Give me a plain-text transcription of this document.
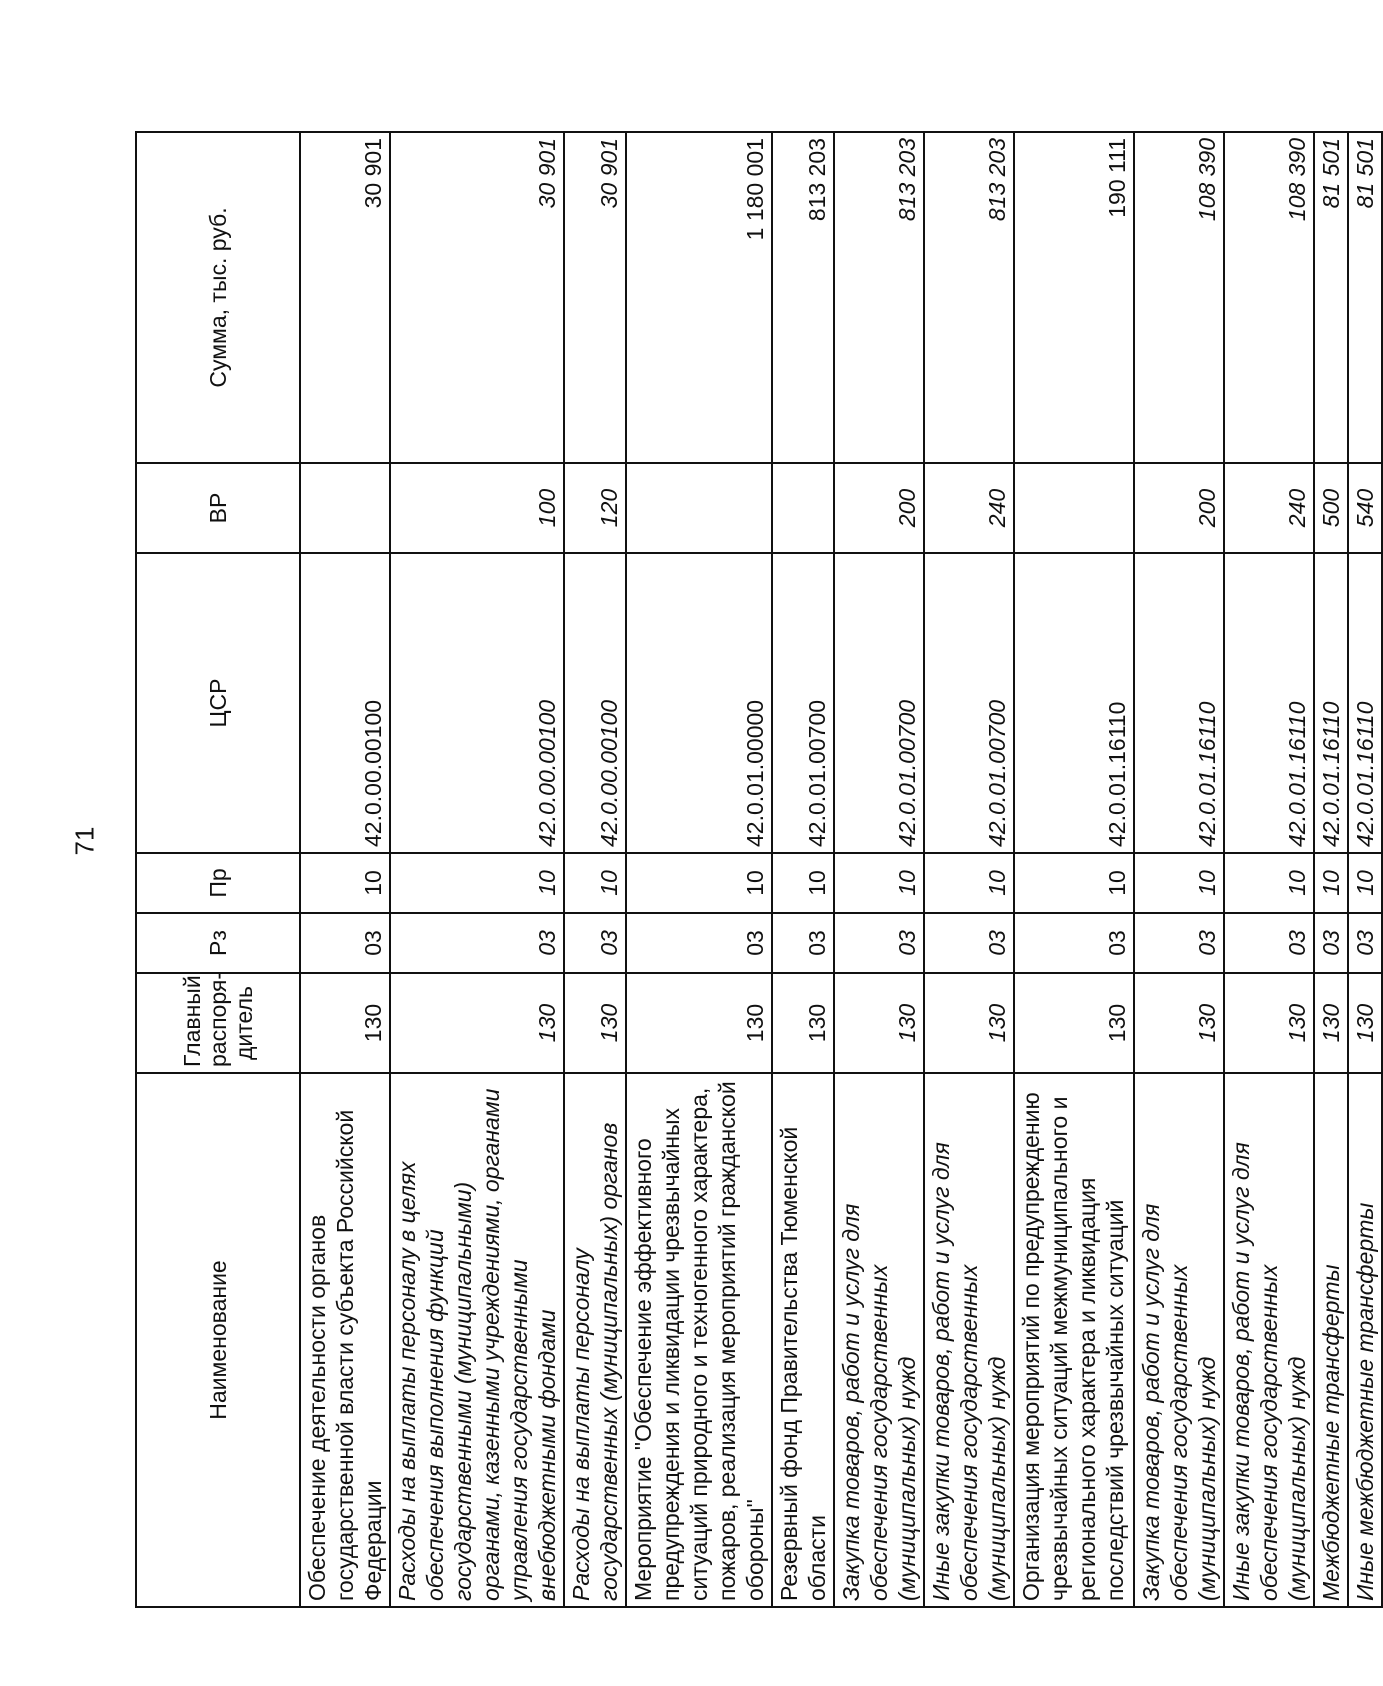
71
Наименование	Главный распоря-дитель	Рз	Пр	ЦСР	ВР	Сумма, тыс. руб.
Обеспечение деятельности органов государственной власти субъекта Российской Федерации	130	03	10	42.0.00.00100		30 901
Расходы на выплаты персоналу в целях обеспечения выполнения функций государственными (муниципальными) органами, казенными учреждениями, органами управления государственными внебюджетными фондами	130	03	10	42.0.00.00100	100	30 901
Расходы на выплаты персоналу государственных (муниципальных) органов	130	03	10	42.0.00.00100	120	30 901
Мероприятие "Обеспечение эффективного предупреждения и ликвидации чрезвычайных ситуаций природного и техногенного характера, пожаров, реализация мероприятий гражданской обороны"	130	03	10	42.0.01.00000		1 180 001
Резервный фонд Правительства Тюменской области	130	03	10	42.0.01.00700		813 203
Закупка товаров, работ и услуг для обеспечения государственных (муниципальных) нужд	130	03	10	42.0.01.00700	200	813 203
Иные закупки товаров, работ и услуг для обеспечения государственных (муниципальных) нужд	130	03	10	42.0.01.00700	240	813 203
Организация мероприятий по предупреждению чрезвычайных ситуаций межмуниципального и регионального характера и ликвидация последствий чрезвычайных ситуаций	130	03	10	42.0.01.16110		190 111
Закупка товаров, работ и услуг для обеспечения государственных (муниципальных) нужд	130	03	10	42.0.01.16110	200	108 390
Иные закупки товаров, работ и услуг для обеспечения государственных (муниципальных) нужд	130	03	10	42.0.01.16110	240	108 390
Межбюджетные трансферты	130	03	10	42.0.01.16110	500	81 501
Иные межбюджетные трансферты	130	03	10	42.0.01.16110	540	81 501
